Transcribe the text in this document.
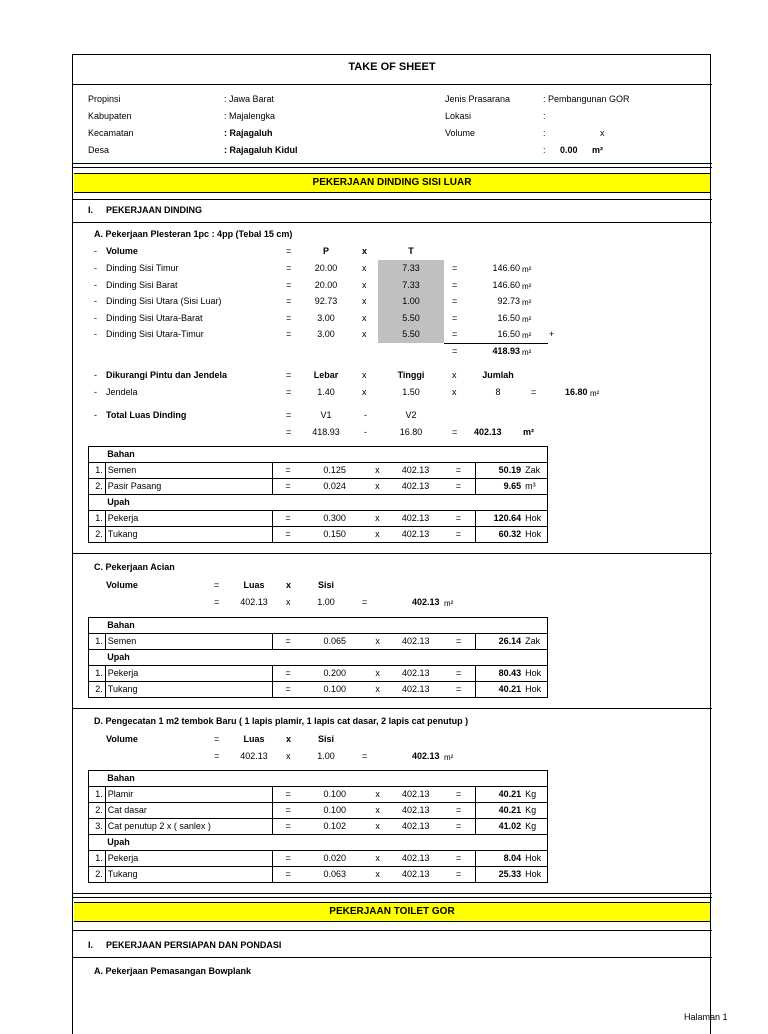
TAKE OF SHEET
Propinsi	: Jawa Barat
Kabupaten	: Majalengka
Kecamatan	: Rajagaluh
Desa	: Rajagaluh Kidul
Jenis Prasarana	: Pembangunan GOR
Lokasi	:
Volume	:	x
: 0.00 m²
PEKERJAAN DINDING SISI LUAR
I. PEKERJAAN DINDING
A. Pekerjaan Plesteran 1pc : 4pp (Tebal 15 cm)
- Volume	=	P	x	T
- Dinding Sisi Timur	=	20.00	x	7.33	=	146.60 m²
- Dinding Sisi Barat	=	20.00	x	7.33	=	146.60 m²
- Dinding Sisi Utara (Sisi Luar)	=	92.73	x	1.00	=	92.73 m²
- Dinding Sisi Utara-Barat	=	3.00	x	5.50	=	16.50 m²
- Dinding Sisi Utara-Timur	=	3.00	x	5.50	=	16.50 m² +
=	418.93 m²
- Dikurangi Pintu dan Jendela	=	Lebar	x	Tinggi	x	Jumlah
- Jendela	=	1.40	x	1.50	x	8	=	16.80 m²
- Total Luas Dinding	=	V1	-	V2
=	418.93	-	16.80	= 402.13 m²
	Bahan							
1.	Semen	=	0.125	x	402.13	=	50.19	Zak
2.	Pasir Pasang	=	0.024	x	402.13	=	9.65	m³
	Upah							
1.	Pekerja	=	0.300	x	402.13	=	120.64	Hok
2.	Tukang	=	0.150	x	402.13	=	60.32	Hok
C. Pekerjaan Acian
Volume	=	Luas	x	Sisi
=	402.13	x	1.00	=	402.13 m²
	Bahan							
1.	Semen	=	0.065	x	402.13	=	26.14	Zak
	Upah							
1.	Pekerja	=	0.200	x	402.13	=	80.43	Hok
2.	Tukang	=	0.100	x	402.13	=	40.21	Hok
D. Pengecatan 1 m2 tembok Baru ( 1 lapis plamir, 1 lapis cat dasar, 2 lapis cat penutup )
Volume	=	Luas	x	Sisi
=	402.13	x	1.00	=	402.13 m²
	Bahan							
1.	Plamir	=	0.100	x	402.13	=	40.21	Kg
2.	Cat dasar	=	0.100	x	402.13	=	40.21	Kg
3.	Cat penutup 2 x ( sanlex )	=	0.102	x	402.13	=	41.02	Kg
	Upah							
1.	Pekerja	=	0.020	x	402.13	=	8.04	Hok
2.	Tukang	=	0.063	x	402.13	=	25.33	Hok
PEKERJAAN TOILET GOR
I. PEKERJAAN PERSIAPAN DAN PONDASI
A. Pekerjaan Pemasangan Bowplank
Halaman 1
